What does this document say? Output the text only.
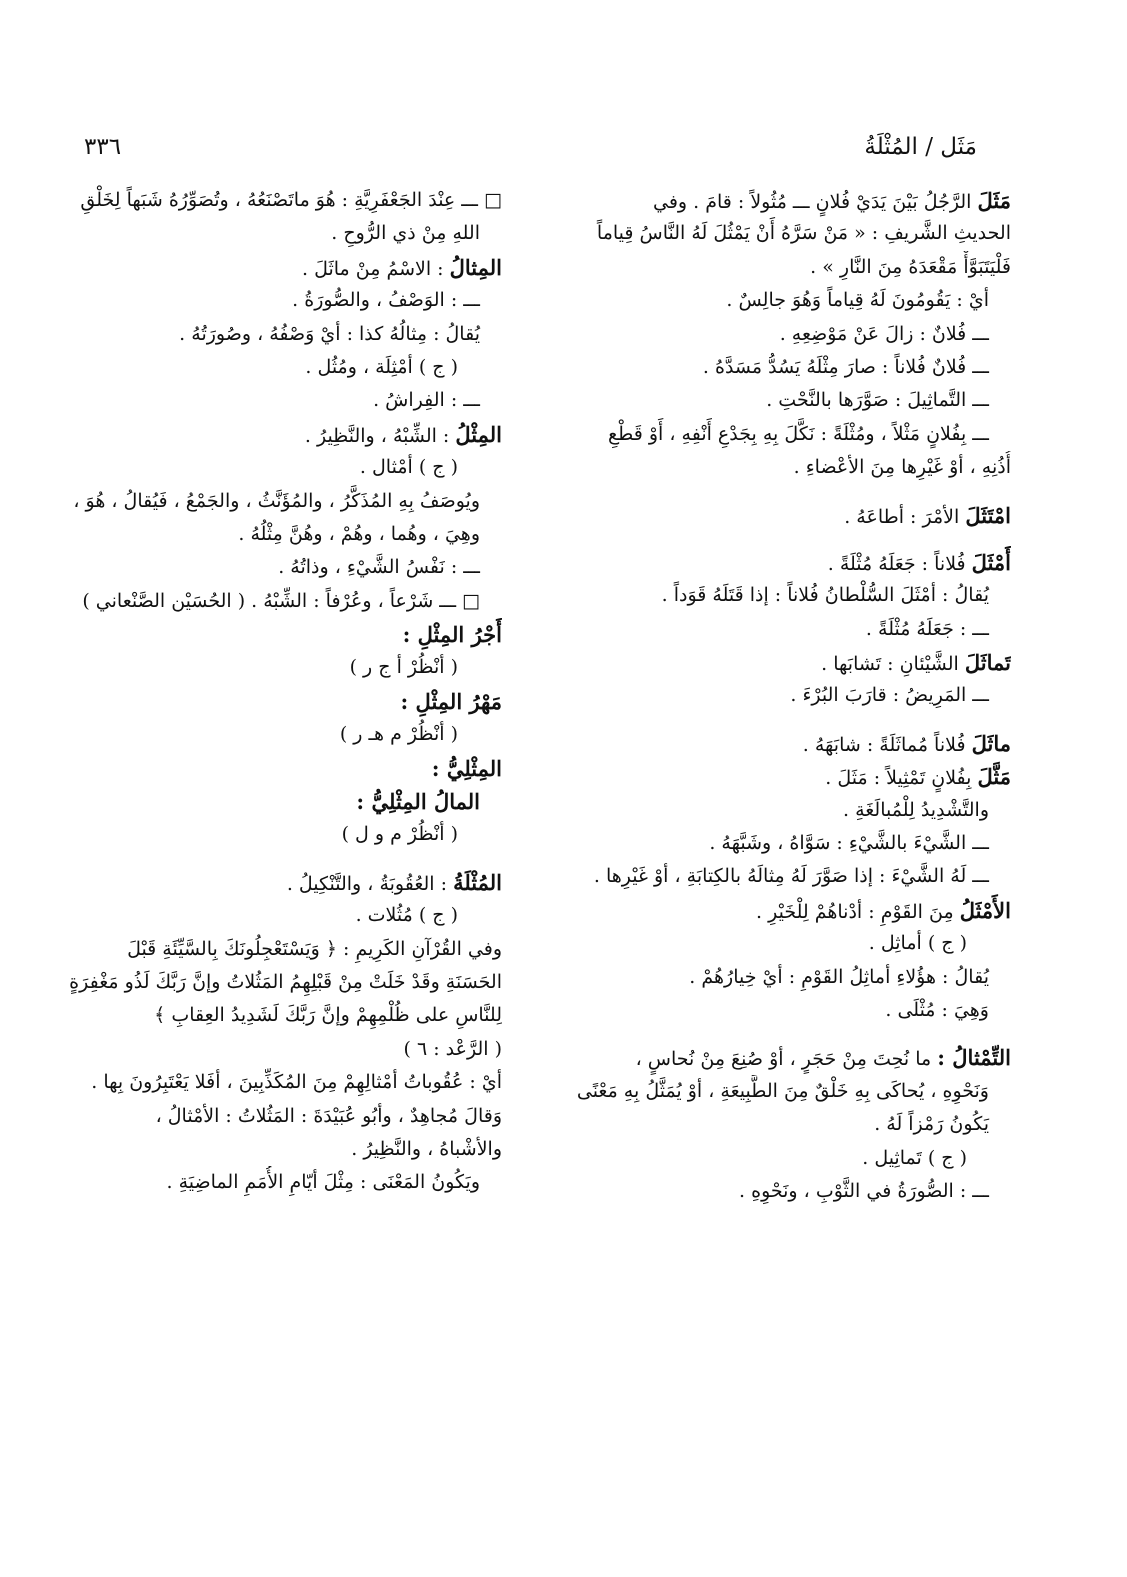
مَثَل / المُثْلَةُ
٣٣٦
مَثَلَ الرَّجُلُ بَيْنَ يَدَيْ فُلانٍ ـــ مُثُولاً : قامَ . وفي
الحديثِ الشَّريفِ : « مَنْ سَرَّهُ أَنْ يَمْثُلَ لَهُ النَّاسُ قِياماً
فَلْيَتَبَوَّأْ مَقْعَدَهُ مِنَ النَّارِ » .
أيْ : يَقُومُونَ لَهُ قِياماً وَهُوَ جالِسٌ .
ـــ فُلانٌ : زالَ عَنْ مَوْضِعِهِ .
ـــ فُلانٌ فُلاناً : صارَ مِثْلَهُ يَسُدُّ مَسَدَّهُ .
ـــ التَّماثِيلَ : صَوَّرَها بالنَّحْتِ .
ـــ بِفُلانٍ مَثْلاً ، ومُثْلَةً : نَكَّلَ بِهِ بِجَدْعِ أَنْفِهِ ، أَوْ قَطْعِ
أُذُنِهِ ، أوْ غَيْرِها مِنَ الأعْضاءِ .
امْتَثَلَ الأمْرَ : أطاعَهُ .
أَمْثَلَ فُلاناً : جَعَلَهُ مُثْلَةً .
يُقالُ : أمْثَلَ السُّلْطانُ فُلاناً : إذا قَتَلَهُ قَوَداً .
ـــ : جَعَلَهُ مُثْلَةً .
تَماثَلَ الشَّيْئانِ : تَشابَها .
ـــ المَرِيضُ : قارَبَ البُرْءَ .
ماثَلَ فُلاناً مُماثَلَةً : شابَهَهُ .
مَثَّلَ بِفُلانٍ تَمْثِيلاً : مَثَلَ .
والتَّشْدِيدُ لِلْمُبالَغَةِ .
ـــ الشَّيْءَ بالشَّيْءِ : سَوَّاهُ ، وشَبَّهَهُ .
ـــ لَهُ الشَّيْءَ : إذا صَوَّرَ لَهُ مِثالَهُ بالكِتابَةِ ، أوْ غَيْرِها .
الأَمْثَلُ مِنَ القَوْمِ : أدْناهُمْ لِلْخَيْرِ .
( ج ) أماثِل .
يُقالُ : هؤُلاءِ أماثِلُ القَوْمِ : أيْ خِيارُهُمْ .
وَهِيَ : مُثْلَى .
التِّمْثالُ : ما نُحِتَ مِنْ حَجَرٍ ، أوْ صُنِعَ مِنْ نُحاسٍ ،
وَنَحْوِهِ ، يُحاكَى بِهِ خَلْقٌ مِنَ الطَّبِيعَةِ ، أوْ يُمَثَّلُ بِهِ مَعْنًى
يَكُونُ رَمْزاً لَهُ .
( ج ) تَماثِيل .
ـــ : الصُّورَةُ في الثَّوْبِ ، ونَحْوِهِ .
□ ـــ عِنْدَ الجَعْفَرِيَّةِ : هُوَ ماتَصْنَعُهُ ، وتُصَوِّرُهُ شَبَهاً لِخَلْقِ
اللهِ مِنْ ذي الرُّوحِ .
المِثالُ : الاسْمُ مِنْ ماثَلَ .
ـــ : الوَصْفُ ، والصُّورَةُ .
يُقالُ : مِثالُهُ كذا : أيْ وَصْفُهُ ، وصُورَتُهُ .
( ج ) أمْثِلَة ، ومُثُل .
ـــ : الفِراشُ .
المِثْلُ : الشِّبْهُ ، والنَّظِيرُ .
( ج ) أمْثال .
ويُوصَفُ بِهِ المُذَكَّرُ ، والمُؤَنَّثُ ، والجَمْعُ ، فَيُقالُ ، هُوَ ،
وهِيَ ، وهُما ، وهُمْ ، وهُنَّ مِثْلُهُ .
ـــ : نَفْسُ الشَّيْءِ ، وذاتُهُ .
□ ـــ شَرْعاً ، وعُرْفاً : الشِّبْهُ . ( الحُسَيْن الصَّنْعاني )
أَجْرُ المِثْلِ :
( أنْظُرْ أ ج ر )
مَهْرُ المِثْلِ :
( أنْظُرْ م هـ ر )
المِثْلِيُّ :
المالُ المِثْلِيُّ :
( أنْظُرْ م و ل )
المُثْلَةُ : العُقُوبَةُ ، والتَّنْكِيلُ .
( ج ) مُثُلات .
وفي القُرْآنِ الكَرِيمِ : ﴿ وَيَسْتَعْجِلُونَكَ بِالسَّيِّئَةِ قَبْلَ
الحَسَنَةِ وقَدْ خَلَتْ مِنْ قَبْلِهِمُ المَثُلاتُ وإنَّ رَبَّكَ لَذُو مَغْفِرَةٍ
لِلنَّاسِ على ظُلْمِهِمْ وإنَّ رَبَّكَ لَشَدِيدُ العِقابِ ﴾
( الرَّعْد : ٦ )
أيْ : عُقُوباتُ أمْثالِهِمْ مِنَ المُكَذِّبِينَ ، أفَلا يَعْتَبِرُونَ بِها .
وَقالَ مُجاهِدٌ ، وأبُو عُبَيْدَةَ : المَثُلاتُ : الأمْثالُ ،
والأشْباهُ ، والنَّظِيرُ .
ويَكُونُ المَعْنَى : مِثْلَ أيّامِ الأُمَمِ الماضِيَةِ .
